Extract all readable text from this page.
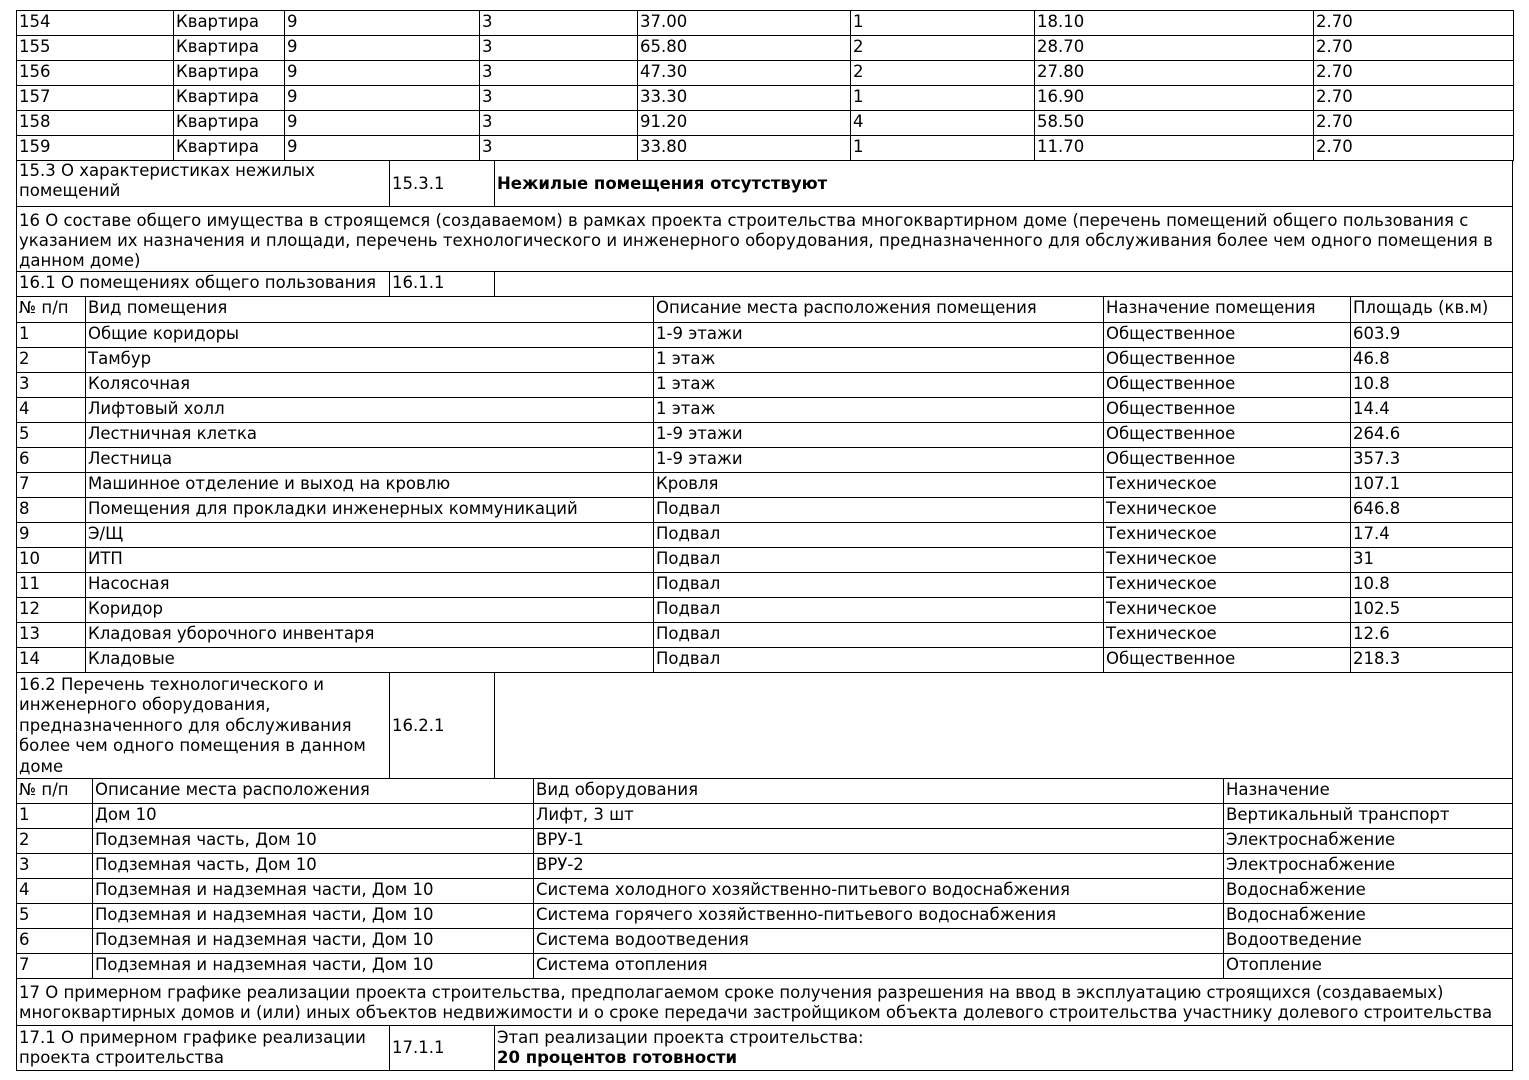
154	Квартира	9	3	37.00	1	18.10	2.70
155	Квартира	9	3	65.80	2	28.70	2.70
156	Квартира	9	3	47.30	2	27.80	2.70
157	Квартира	9	3	33.30	1	16.90	2.70
158	Квартира	9	3	91.20	4	58.50	2.70
159	Квартира	9	3	33.80	1	11.70	2.70
15.3 О характеристиках нежилых помещений	15.3.1	Нежилые помещения отсутствуют
16 О составе общего имущества в строящемся (создаваемом) в рамках проекта строительства многоквартирном доме (перечень помещений общего пользования с указанием их назначения и площади, перечень технологического и инженерного оборудования, предназначенного для обслуживания более чем одного помещения в данном доме)
16.1 О помещениях общего пользования	16.1.1	
№ п/п	Вид помещения	Описание места расположения помещения	Назначение помещения	Площадь (кв.м)
1	Общие коридоры	1-9 этажи	Общественное	603.9
2	Тамбур	1 этаж	Общественное	46.8
3	Колясочная	1 этаж	Общественное	10.8
4	Лифтовый холл	1 этаж	Общественное	14.4
5	Лестничная клетка	1-9 этажи	Общественное	264.6
6	Лестница	1-9 этажи	Общественное	357.3
7	Машинное отделение и выход на кровлю	Кровля	Техническое	107.1
8	Помещения для прокладки инженерных коммуникаций	Подвал	Техническое	646.8
9	Э/Щ	Подвал	Техническое	17.4
10	ИТП	Подвал	Техническое	31
11	Насосная	Подвал	Техническое	10.8
12	Коридор	Подвал	Техническое	102.5
13	Кладовая уборочного инвентаря	Подвал	Техническое	12.6
14	Кладовые	Подвал	Общественное	218.3
16.2 Перечень технологического и инженерного оборудования, предназначенного для обслуживания более чем одного помещения в данном доме	16.2.1	
№ п/п	Описание места расположения	Вид оборудования	Назначение
1	Дом 10	Лифт, 3 шт	Вертикальный транспорт
2	Подземная часть, Дом 10	ВРУ-1	Электроснабжение
3	Подземная часть, Дом 10	ВРУ-2	Электроснабжение
4	Подземная и надземная части, Дом 10	Система холодного хозяйственно-питьевого водоснабжения	Водоснабжение
5	Подземная и надземная части, Дом 10	Система горячего хозяйственно-питьевого водоснабжения	Водоснабжение
6	Подземная и надземная части, Дом 10	Система водоотведения	Водоотведение
7	Подземная и надземная части, Дом 10	Система отопления	Отопление
17 О примерном графике реализации проекта строительства, предполагаемом сроке получения разрешения на ввод в эксплуатацию строящихся (создаваемых) многоквартирных домов и (или) иных объектов недвижимости и о сроке передачи застройщиком объекта долевого строительства участнику долевого строительства
17.1 О примерном графике реализации проекта строительства	17.1.1	
Этап реализации проекта строительства:
20 процентов готовности
